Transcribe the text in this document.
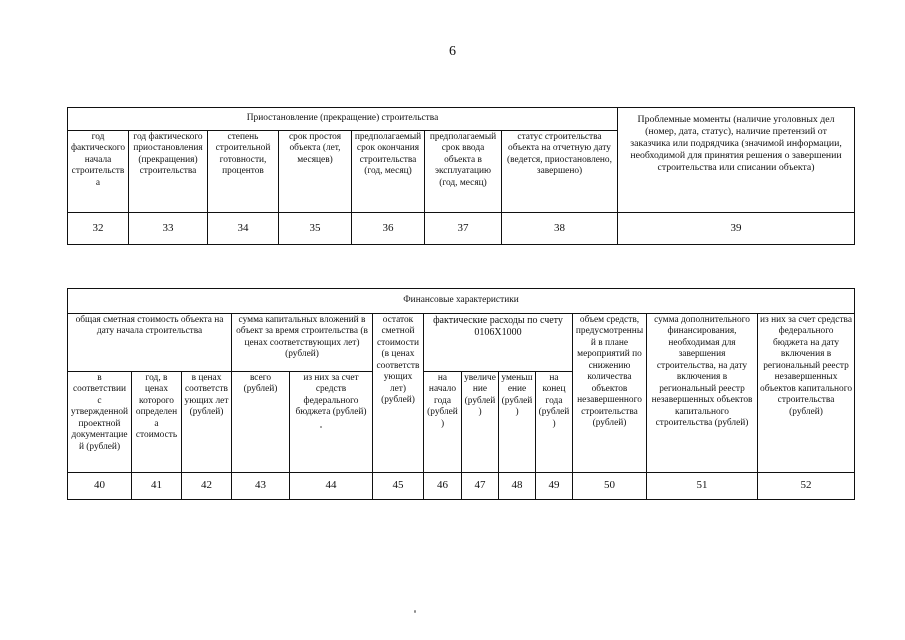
6
Приостановление (прекращение) строительства							Проблемные моменты (наличие уголовных дел (номер, дата, статус), наличие претензий от заказчика или подрядчика (значимой информации, необходимой для принятия решения о завершении строительства или списании объекта)
год фактического начала строительства	год фактического приостановления (прекращения) строительства	степень строительной готовности, процентов	срок простоя объекта (лет, месяцев)	предполагаемый срок окончания строительства (год, месяц)	предполагаемый срок ввода объекта в эксплуатацию (год, месяц)	статус строительства объекта на отчетную дату (ведется, приостановлено, завершено)	
32	33	34	35	36	37	38	39
Финансовые характеристики												
общая сметная стоимость объекта на дату начала строительства			сумма капитальных вложений в объект за время строительства (в ценах соответствующих лет) (рублей)		остаток сметной стоимости (в ценах соответствующих лет) (рублей)	фактические расходы по счету 0106Х1000				объем средств, предусмотренный в плане мероприятий по снижению количества объектов незавершенного строительства (рублей)	сумма дополнительного финансирования, необходимая для завершения строительства, на дату включения в региональный реестр незавершенных объектов капитального строительства (рублей)	из них за счет средства федерального бюджета на дату включения в региональный реестр незавершенных объектов капитального строительства (рублей)
в соответствии с утвержденной проектной документацией (рублей)	год, в ценах которого определена стоимость	в ценах соответствующих лет (рублей)	всего (рублей)	из них за счет средств федерального бюджета (рублей)		на начало года (рублей)	увеличение (рублей)	уменьшение (рублей)	на конец года (рублей)			
40	41	42	43	44	45	46	47	48	49	50	51	52
